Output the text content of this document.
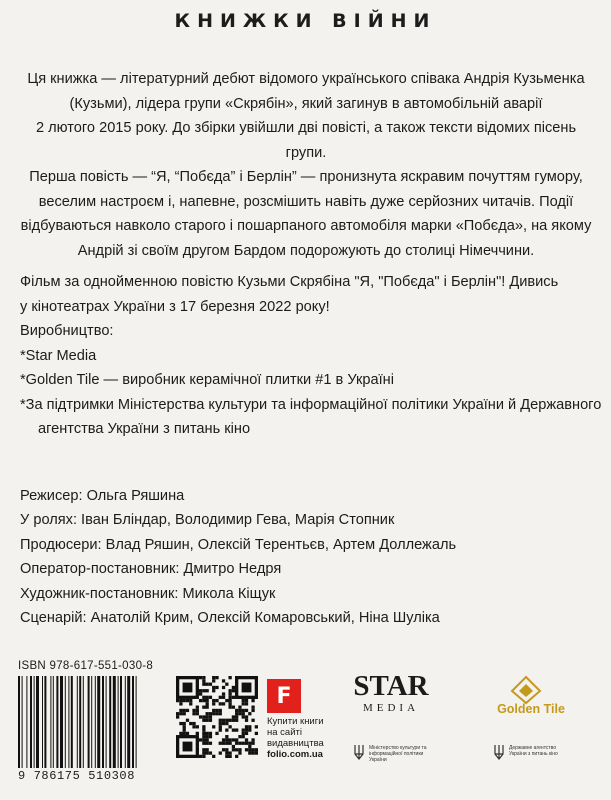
КНИЖКИ ВІЙНИ

Ця книжка — літературний дебют відомого українського співака Андрія Кузьменка

(Кузьми), лідера групи «Скрябін», який загинув в автомобільній аварії

2 лютого 2015 року. До збірки увійшли дві повісті, а також тексти відомих пісень групи.

Перша повість — “Я, “Побєда” і Берлін” — пронизнута яскравим почуттям гумору,

веселим настроєм і, напевне, розсмішить навіть дуже серйозних читачів. Події

відбуваються навколо старого і пошарпаного автомобіля марки «Побєда», на якому

Андрій зі своїм другом Бардом подорожують до столиці Німеччини.

Фільм за однойменною повістю Кузьми Скрябіна "Я, "Побєда" і Берлін"! Дивись
у кінотеатрах України з 17 березня 2022 року!
Виробництво:
*Star Media
*Golden Tile — виробник керамічної плитки #1 в Україні
*За підтримки Міністерства культури та інформаційної політики України й Державного
агентства України з питань кіно
Режисер: Ольга Ряшина
У ролях: Іван Бліндар, Володимир Гева, Марія Стопник
Продюсери: Влад Ряшин, Олексій Терентьєв, Артем Доллежаль
Оператор-постановник: Дмитро Недря
Художник-постановник: Микола Кіщук
Сценарій: Анатолій Крим, Олексій Комаровський, Ніна Шуліка
ISBN 978-617-551-030-8
9 786175 510308
F
Купити книги
на сайті
видавництва
folio.com.ua
STAR
MEDIA	Golden Tile
Міністерство культури та інформаційної політики України
Державне агентство України з питань кіно
